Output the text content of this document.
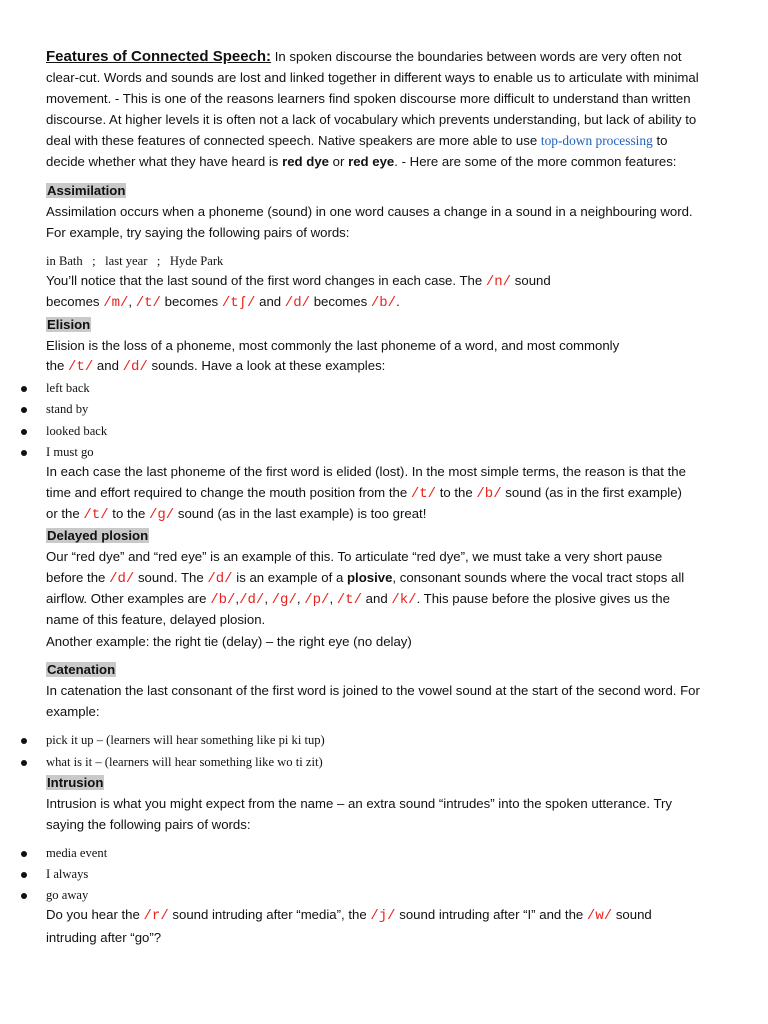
Features of Connected Speech: In spoken discourse the boundaries between words are very often not

clear-cut. Words and sounds are lost and linked together in different ways to enable us to articulate with minimal

movement. - This is one of the reasons learners find spoken discourse more difficult to understand than written

discourse. At higher levels it is often not a lack of vocabulary which prevents understanding, but lack of ability to

deal with these features of connected speech. Native speakers are more able to use top-down processing to

decide whether what they have heard is red dye or red eye. - Here are some of the more common features:

Assimilation

Assimilation occurs when a phoneme (sound) in one word causes a change in a sound in a neighbouring word.

For example, try saying the following pairs of words:

in Bath   ;   last year   ;   Hyde Park

You’ll notice that the last sound of the first word changes in each case. The /n/ sound

becomes /m/, /t/ becomes /tʃ/ and /d/ becomes /b/.

Elision

Elision is the loss of a phoneme, most commonly the last phoneme of a word, and most commonly

the /t/ and /d/ sounds. Have a look at these examples:

left back

stand by

looked back

I must go

In each case the last phoneme of the first word is elided (lost). In the most simple terms, the reason is that the

time and effort required to change the mouth position from the /t/ to the /b/ sound (as in the first example)

or the /t/ to the /g/ sound (as in the last example) is too great!

Delayed plosion

Our “red dye” and “red eye” is an example of this. To articulate “red dye”, we must take a very short pause

before the /d/ sound. The /d/ is an example of a plosive, consonant sounds where the vocal tract stops all

airflow. Other examples are /b/,/d/, /g/, /p/, /t/ and /k/. This pause before the plosive gives us the

name of this feature, delayed plosion.

Another example: the right tie (delay) – the right eye (no delay)

Catenation

In catenation the last consonant of the first word is joined to the vowel sound at the start of the second word. For

example:

pick it up – (learners will hear something like pi ki tup)

what is it – (learners will hear something like wo ti zit)

Intrusion

Intrusion is what you might expect from the name – an extra sound “intrudes” into the spoken utterance. Try

saying the following pairs of words:

media event

I always

go away

Do you hear the /r/ sound intruding after “media”, the /j/ sound intruding after “I” and the /w/ sound

intruding after “go”?
